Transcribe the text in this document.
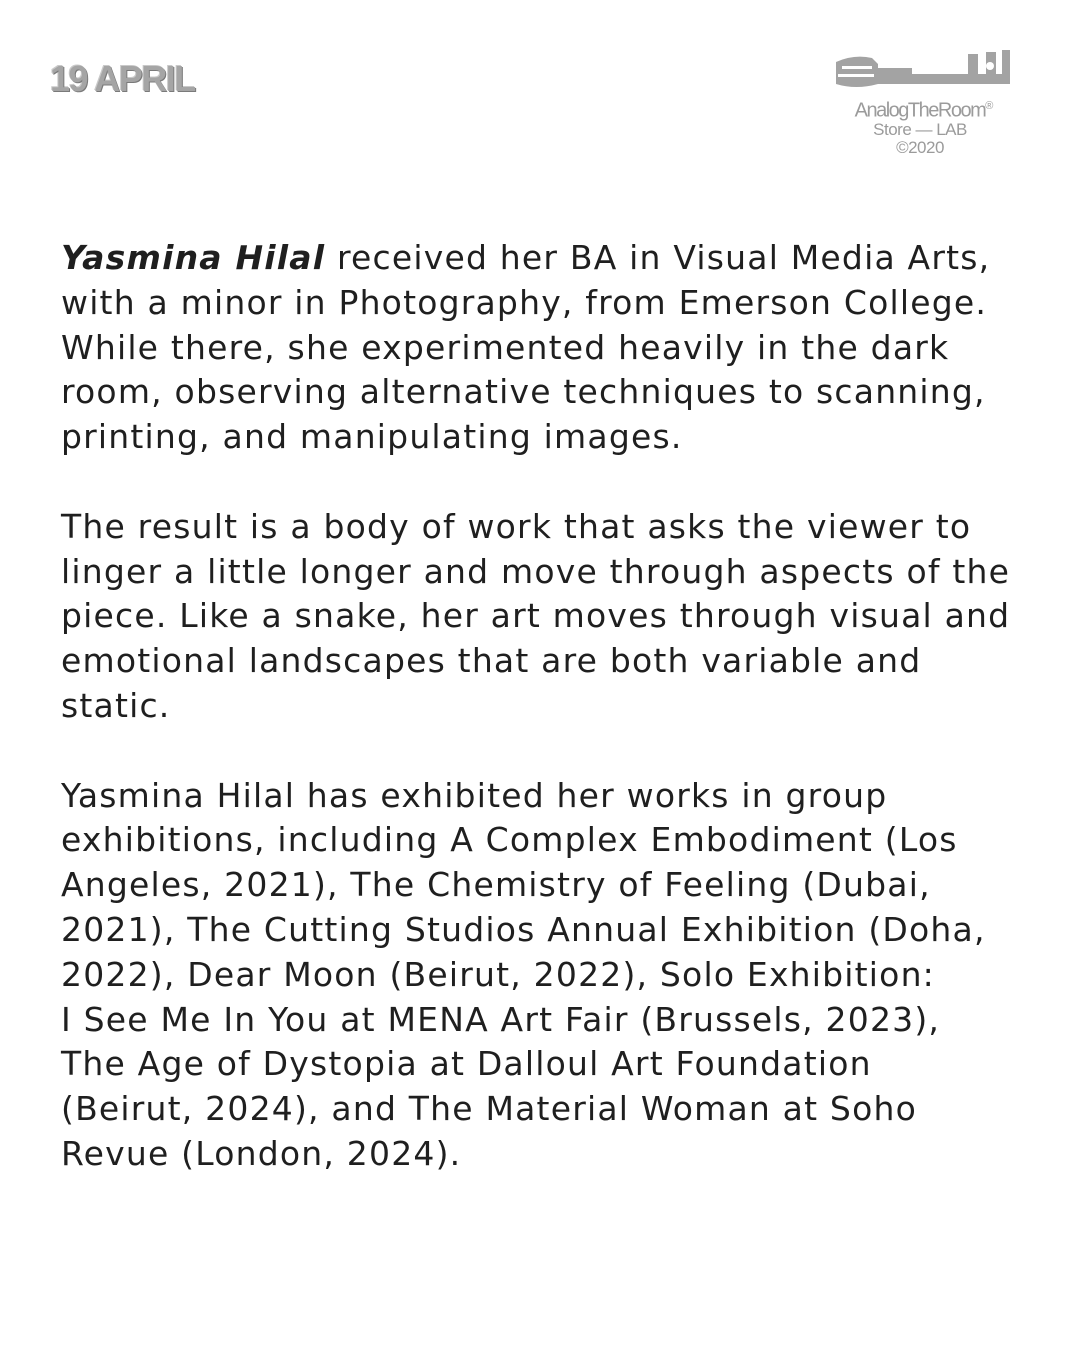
19 APRIL
AnalogTheRoom®
Store — LAB
©2020

Yasmina Hilal received her BA in Visual Media Arts,
with a minor in Photography, from Emerson College.
While there, she experimented heavily in the dark
room, observing alternative techniques to scanning,
printing, and manipulating images.

The result is a body of work that asks the viewer to
linger a little longer and move through aspects of the
piece. Like a snake, her art moves through visual and
emotional landscapes that are both variable and
static.

Yasmina Hilal has exhibited her works in group
exhibitions, including A Complex Embodiment (Los
Angeles, 2021), The Chemistry of Feeling (Dubai,
2021), The Cutting Studios Annual Exhibition (Doha,
2022), Dear Moon (Beirut, 2022), Solo Exhibition:
I See Me In You at MENA Art Fair (Brussels, 2023),
The Age of Dystopia at Dalloul Art Foundation
(Beirut, 2024), and The Material Woman at Soho
Revue (London, 2024).
